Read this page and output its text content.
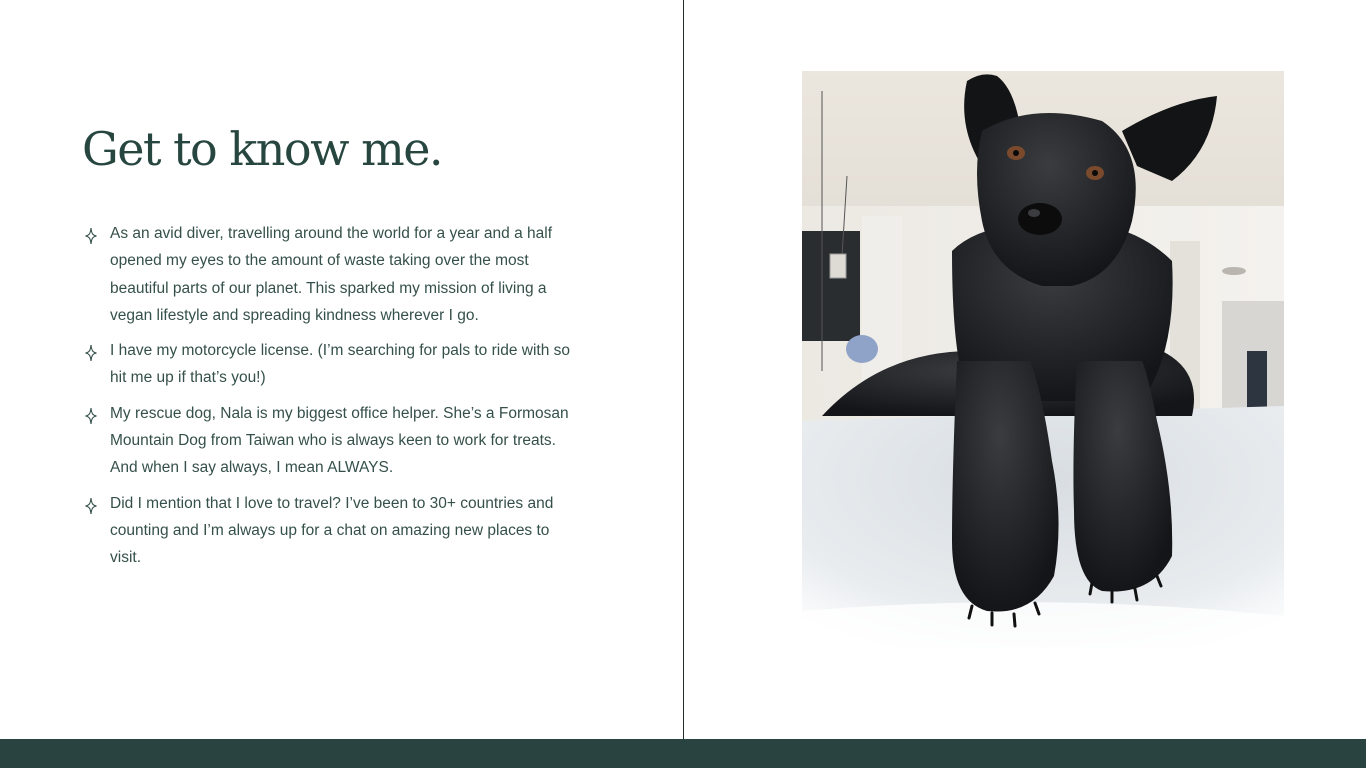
Get to know me.
As an avid diver, travelling around the world for a year and a half opened my eyes to the amount of waste taking over the most beautiful parts of our planet. This sparked my mission of living a vegan lifestyle and spreading kindness wherever I go.
I have my motorcycle license. (I’m searching for pals to ride with so hit me up if that’s you!)
My rescue dog, Nala is my biggest office helper. She’s a Formosan Mountain Dog from Taiwan who is always keen to work for treats. And when I say always, I mean ALWAYS.
Did I mention that I love to travel? I’ve been to 30+ countries and counting and I’m always up for a chat on amazing new places to visit.
